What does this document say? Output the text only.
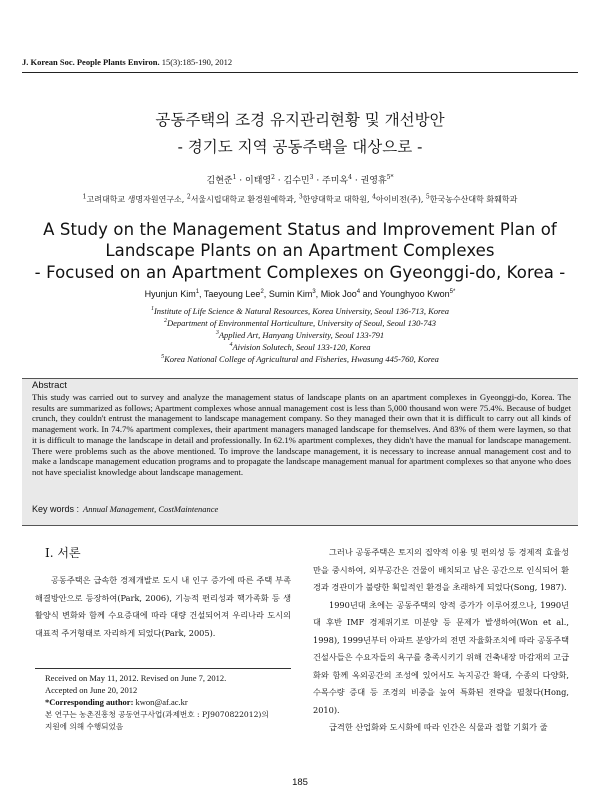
J. Korean Soc. People Plants Environ. 15(3):185-190, 2012
공동주택의 조경 유지관리현황 및 개선방안
- 경기도 지역 공동주택을 대상으로 -
김현준$^1$ · 이태영$^2$ · 김수민$^3$ · 주미옥$^4$ · 권영휴$^{5*}$
$^1$고려대학교 생명자원연구소, $^2$서울시립대학교 환경원예학과, $^3$한양대학교 대학원, $^4$아이비전(주), $^5$한국농수산대학 화훼학과
A Study on the Management Status and Improvement Plan of
Landscape Plants on an Apartment Complexes
- Focused on an Apartment Complexes on Gyeonggi-do, Korea -
Hyunjun Kim$^1$, Taeyoung Lee$^2$, Sumin Kim$^3$, Miok Joo$^4$ and Younghyoo Kwon$^{5*}$
$^1$Institute of Life Science & Natural Resources, Korea University, Seoul 136-713, Korea
$^2$Department of Environmental Horticulture, University of Seoul, Seoul 130-743
$^3$Applied Art, Hanyang University, Seoul 133-791
$^4$Aivision Solutech, Seoul 133-120, Korea
$^5$Korea National College of Agricultural and Fisheries, Hwasung 445-760, Korea
Abstract
This study was carried out to survey and analyze the management status of landscape plants on an apartment complexes in Gyeonggi-do, Korea. The results are summarized as follows; Apartment complexes whose annual management cost is less than 5,000 thousand won were 75.4%. Because of budget crunch, they couldn't entrust the management to landscape management company. So they managed their own that it is difficult to carry out all kinds of management work. In 74.7% apartment complexes, their apartment managers managed landscape for themselves. And 83% of them were laymen, so that it is difficult to manage the landscape in detail and professionally. In 62.1% apartment complexes, they didn't have the manual for landscape management. There were problems such as the above mentioned. To improve the landscape management, it is necessary to increase annual management cost and to make a landscape management education programs and to propagate the landscape management manual for apartment complexes so that anyone who does not have specialist knowledge about landscape management.
Key words : Annual Management, CostMaintenance
Ⅰ. 서론
공동주택은 급속한 경제개발로 도시 내 인구 증가에 따른 주택 부족 해결방안으로 등장하여(Park, 2006), 기능적 편리성과 핵가족화 등 생활양식 변화와 함께 수요증대에 따라 대량 건설되어져 우리나라 도시의 대표적 주거형태로 자리하게 되었다(Park, 2005).

그러나 공동주택은 토지의 집약적 이용 및 편의성 등 경제적 효율성만을 중시하여, 외부공간은 건물이 배치되고 남은 공간으로 인식되어 환경과 경관미가 불량한 획일적인 환경을 초래하게 되었다(Song, 1987).

1990년대 초에는 공동주택의 양적 증가가 이루어졌으나, 1990년대 후반 IMF 경제위기로 미분양 등 문제가 발생하여(Won et al., 1998), 1999년부터 아파트 분양가의 전면 자율화조치에 따라 공동주택 건설사들은 수요자들의 욕구를 충족시키기 위해 건축내장 마감재의 고급화와 함께 옥외공간의 조성에 있어서도 녹지공간 확대, 수종의 다양화, 수목수량 증대 등 조경의 비중을 높여 특화된 전략을 펼쳤다(Hong, 2010).

급격한 산업화와 도시화에 따라 인간은 식물과 접할 기회가 줄

Received on May 11, 2012. Revised on June 7, 2012.
Accepted on June 20, 2012
*Corresponding author: kwon@af.ac.kr
본 연구는 농촌진흥청 공동연구사업(과제번호 : PJ9070822012)의
지원에 의해 수행되었음
185
